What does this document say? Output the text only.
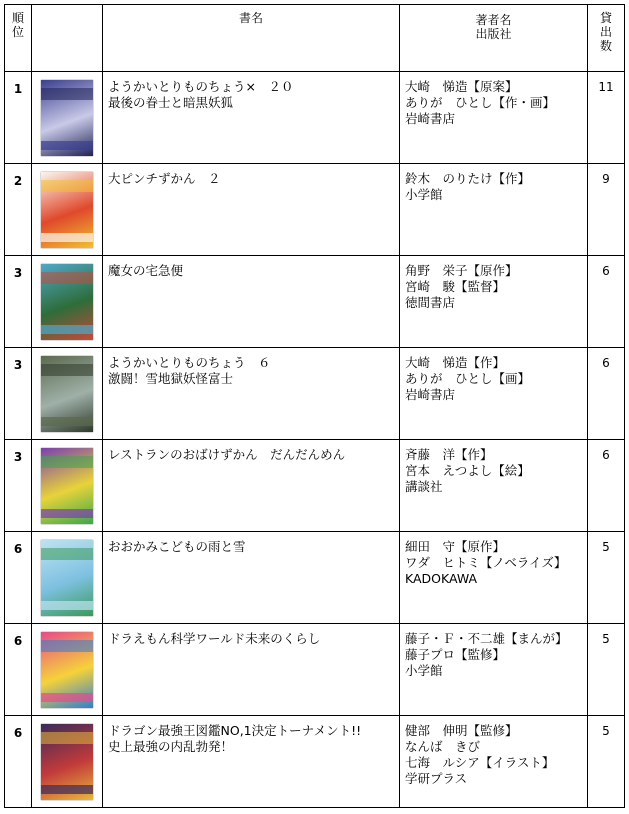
順位		書名	著者名
出版社	貸出数

1		ようかいとりものちょう×　２０
最後の眷士と暗黒妖狐	大崎　悌造【原案】
ありが　ひとし【作・画】
岩崎書店	11

2		大ピンチずかん　２	鈴木　のりたけ【作】
小学館	9

3		魔女の宅急便	角野　栄子【原作】
宮崎　駿【監督】
徳間書店	6

3		ようかいとりものちょう　６
激闘！雪地獄妖怪富士	大崎　悌造【作】
ありが　ひとし【画】
岩崎書店	6

3		レストランのおばけずかん　だんだんめん	斉藤　洋【作】
宮本　えつよし【絵】
講談社	6

6		おおかみこどもの雨と雪	細田　守【原作】
ワダ　ヒトミ【ノベライズ】
KADOKAWA	5

6		ドラえもん科学ワールド未来のくらし	藤子・Ｆ・不二雄【まんが】
藤子プロ【監修】
小学館	5

6		ドラゴン最強王図鑑NO,1決定トーナメント!!
史上最強の内乱勃発！	健部　伸明【監修】
なんば　きび
七海　ルシア【イラスト】
学研プラス	5
